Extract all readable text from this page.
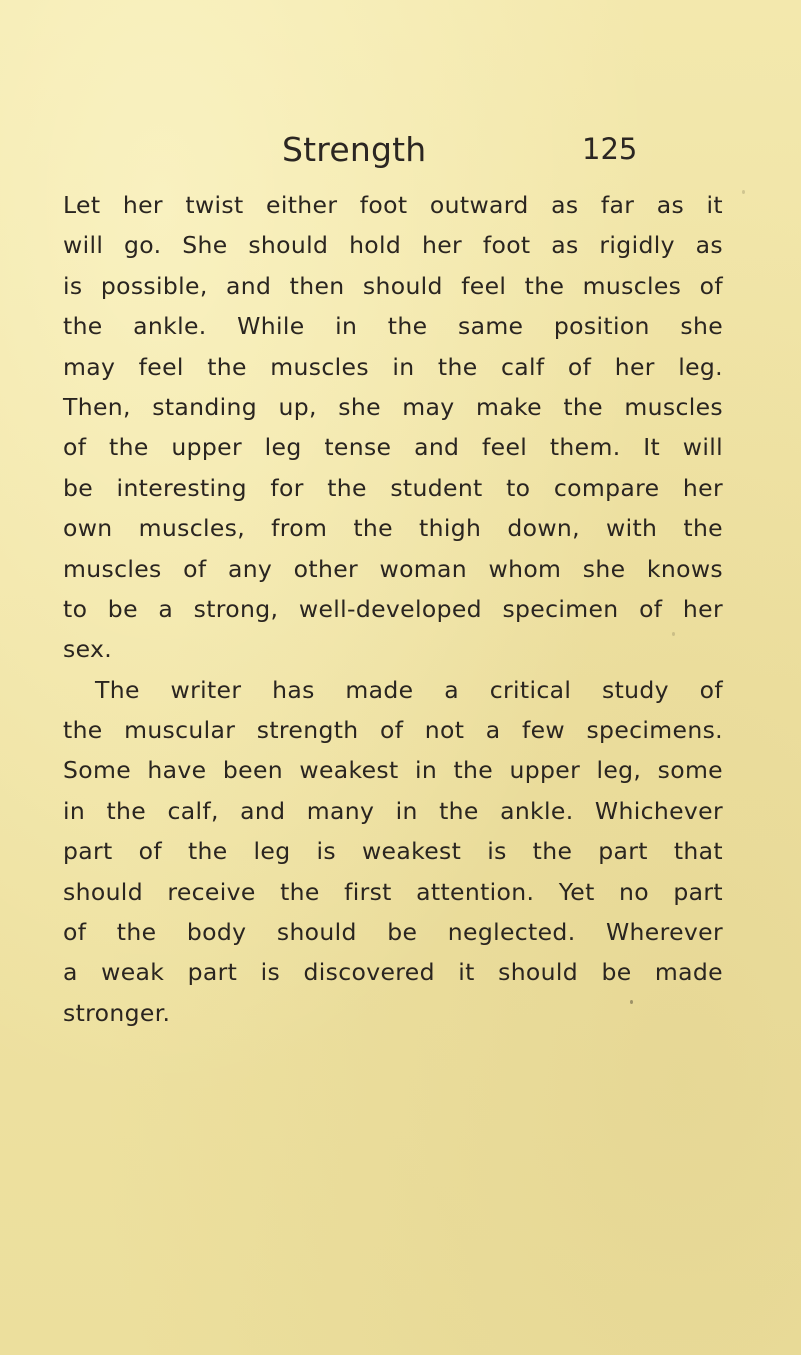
Strength	125
Let her twist either foot outward as far as it
will go. She should hold her foot as rigidly as
is possible, and then should feel the muscles of
the ankle. While in the same position she
may feel the muscles in the calf of her leg.
Then, standing up, she may make the muscles
of the upper leg tense and feel them. It will
be interesting for the student to compare her
own muscles, from the thigh down, with the
muscles of any other woman whom she knows
to be a strong, well-developed specimen of her
sex.
The writer has made a critical study of
the muscular strength of not a few specimens.
Some have been weakest in the upper leg, some
in the calf, and many in the ankle. Whichever
part of the leg is weakest is the part that
should receive the first attention. Yet no part
of the body should be neglected. Wherever
a weak part is discovered it should be made
stronger.
